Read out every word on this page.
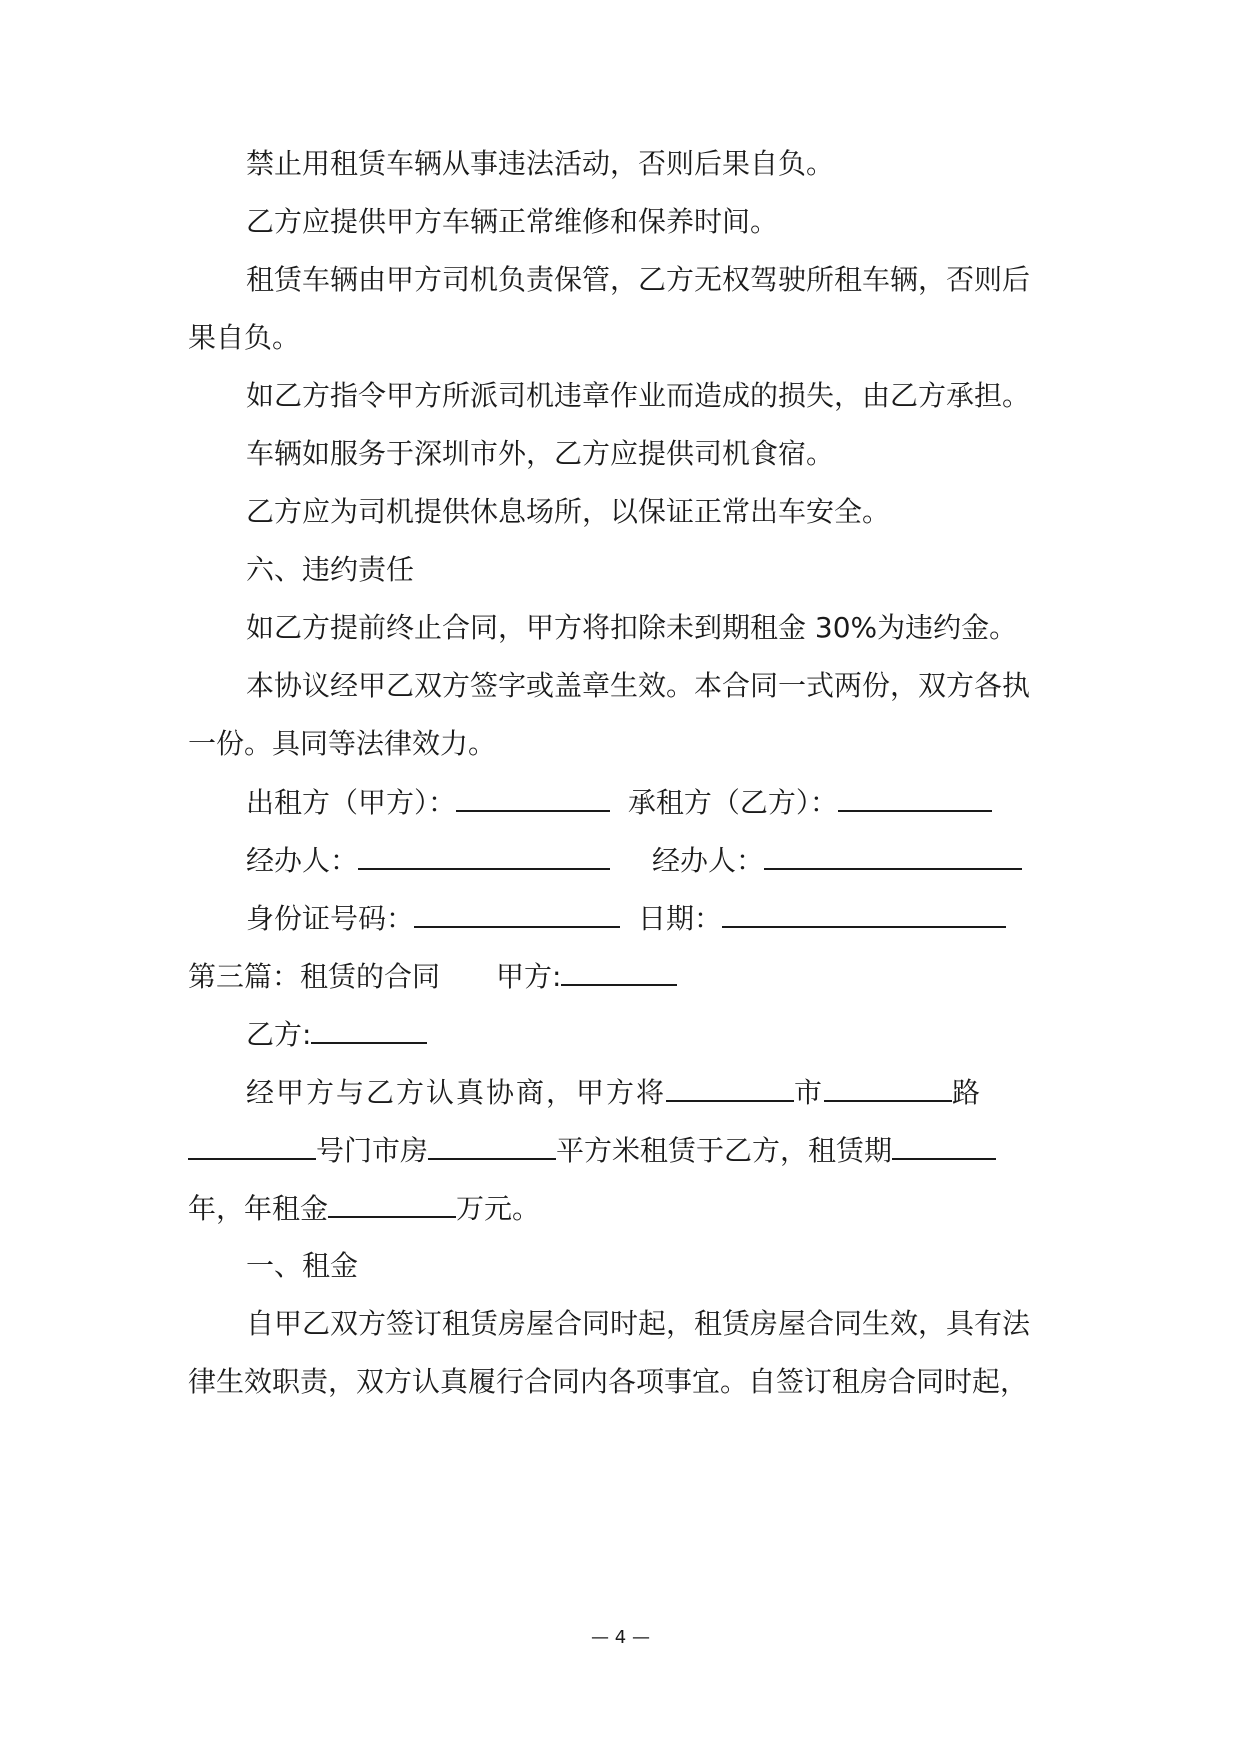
禁止用租赁车辆从事违法活动，否则后果自负。
乙方应提供甲方车辆正常维修和保养时间。
租赁车辆由甲方司机负责保管，乙方无权驾驶所租车辆，否则后
果自负。
如乙方指令甲方所派司机违章作业而造成的损失，由乙方承担。
车辆如服务于深圳市外，乙方应提供司机食宿。
乙方应为司机提供休息场所，以保证正常出车安全。
六、违约责任
如乙方提前终止合同，甲方将扣除未到期租金 30%为违约金。
本协议经甲乙双方签字或盖章生效。本合同一式两份，双方各执
一份。具同等法律效力。
出租方（甲方）：	承租方（乙方）：
经办人：	经办人：
身份证号码：	日期：
第三篇：租赁的合同 甲方:
乙方:
经甲方与乙方认真协商，甲方将	市	路
号门市房	平方米租赁于乙方，租赁期
年，年租金	万元。
一、租金
自甲乙双方签订租赁房屋合同时起，租赁房屋合同生效，具有法
律生效职责，双方认真履行合同内各项事宜。自签订租房合同时起，
— 4 —
